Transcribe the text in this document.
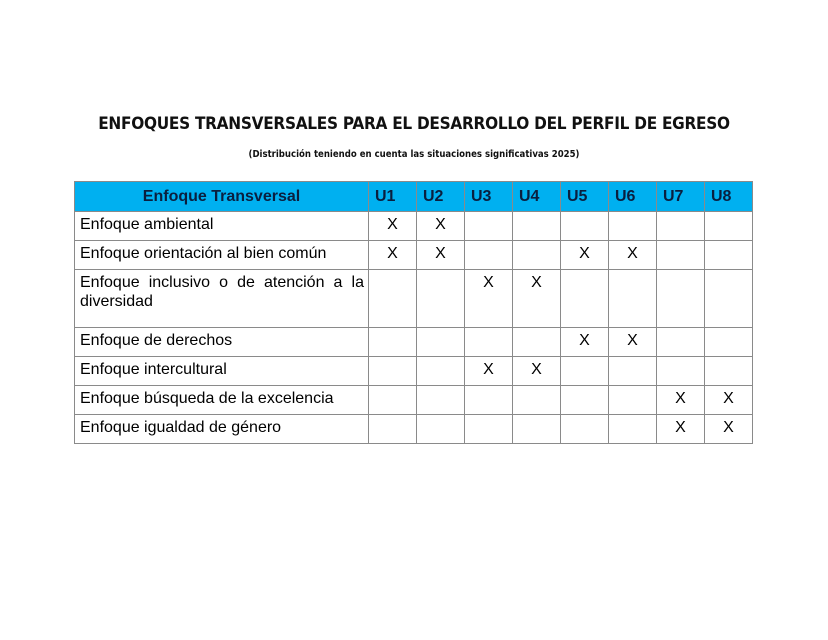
ENFOQUES TRANSVERSALES PARA EL DESARROLLO DEL PERFIL DE EGRESO
(Distribución teniendo en cuenta las situaciones significativas 2025)
Enfoque Transversal	U1	U2	U3	U4	U5	U6	U7	U8
Enfoque ambiental	X	X						
Enfoque orientación al bien común	X	X			X	X		
Enfoque inclusivo o de atención a la diversidad			X	X				
Enfoque de derechos					X	X		
Enfoque intercultural			X	X				
Enfoque búsqueda de la excelencia							X	X
Enfoque igualdad de género							X	X
